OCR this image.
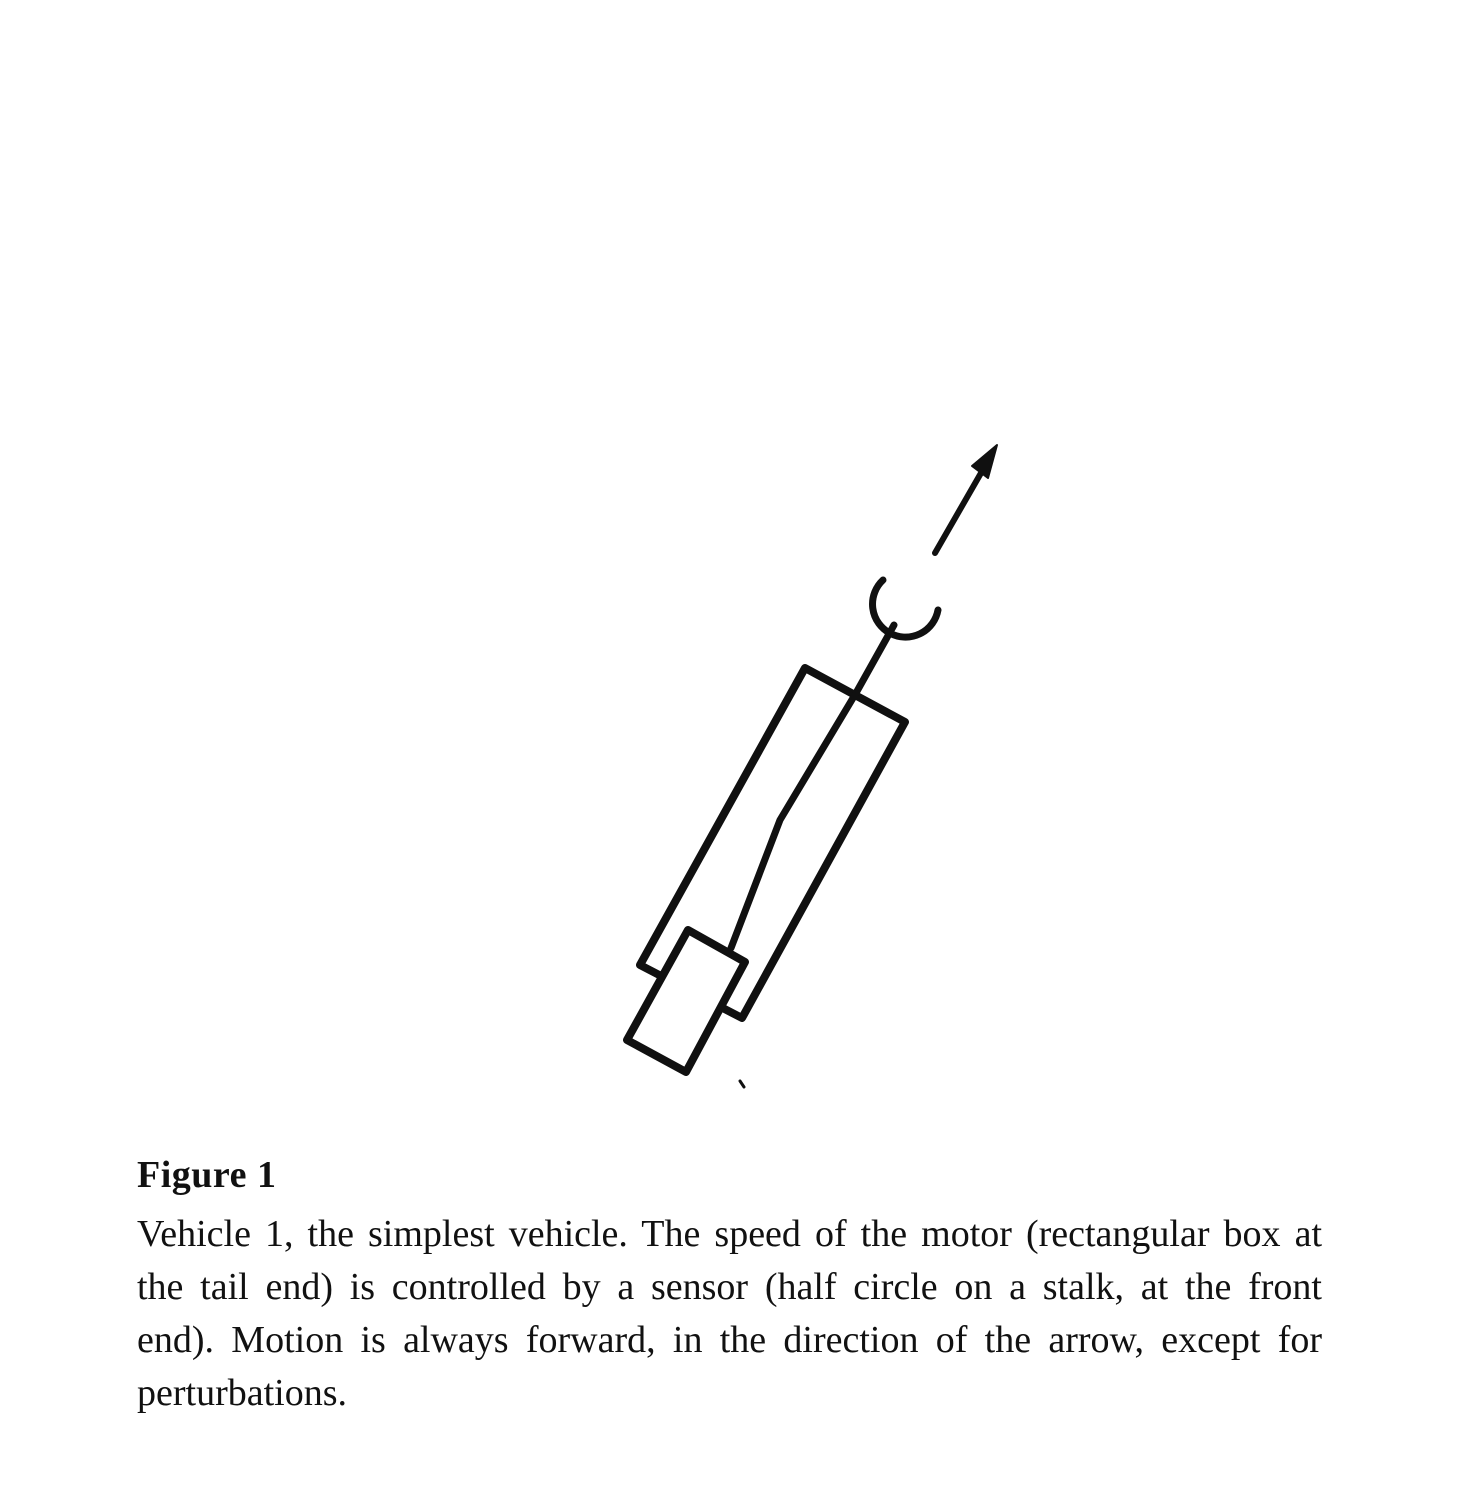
Figure 1
Vehicle 1, the simplest vehicle. The speed of the motor (rectangular box at
the tail end) is controlled by a sensor (half circle on a stalk, at the front
end). Motion is always forward, in the direction of the arrow, except for
perturbations.
